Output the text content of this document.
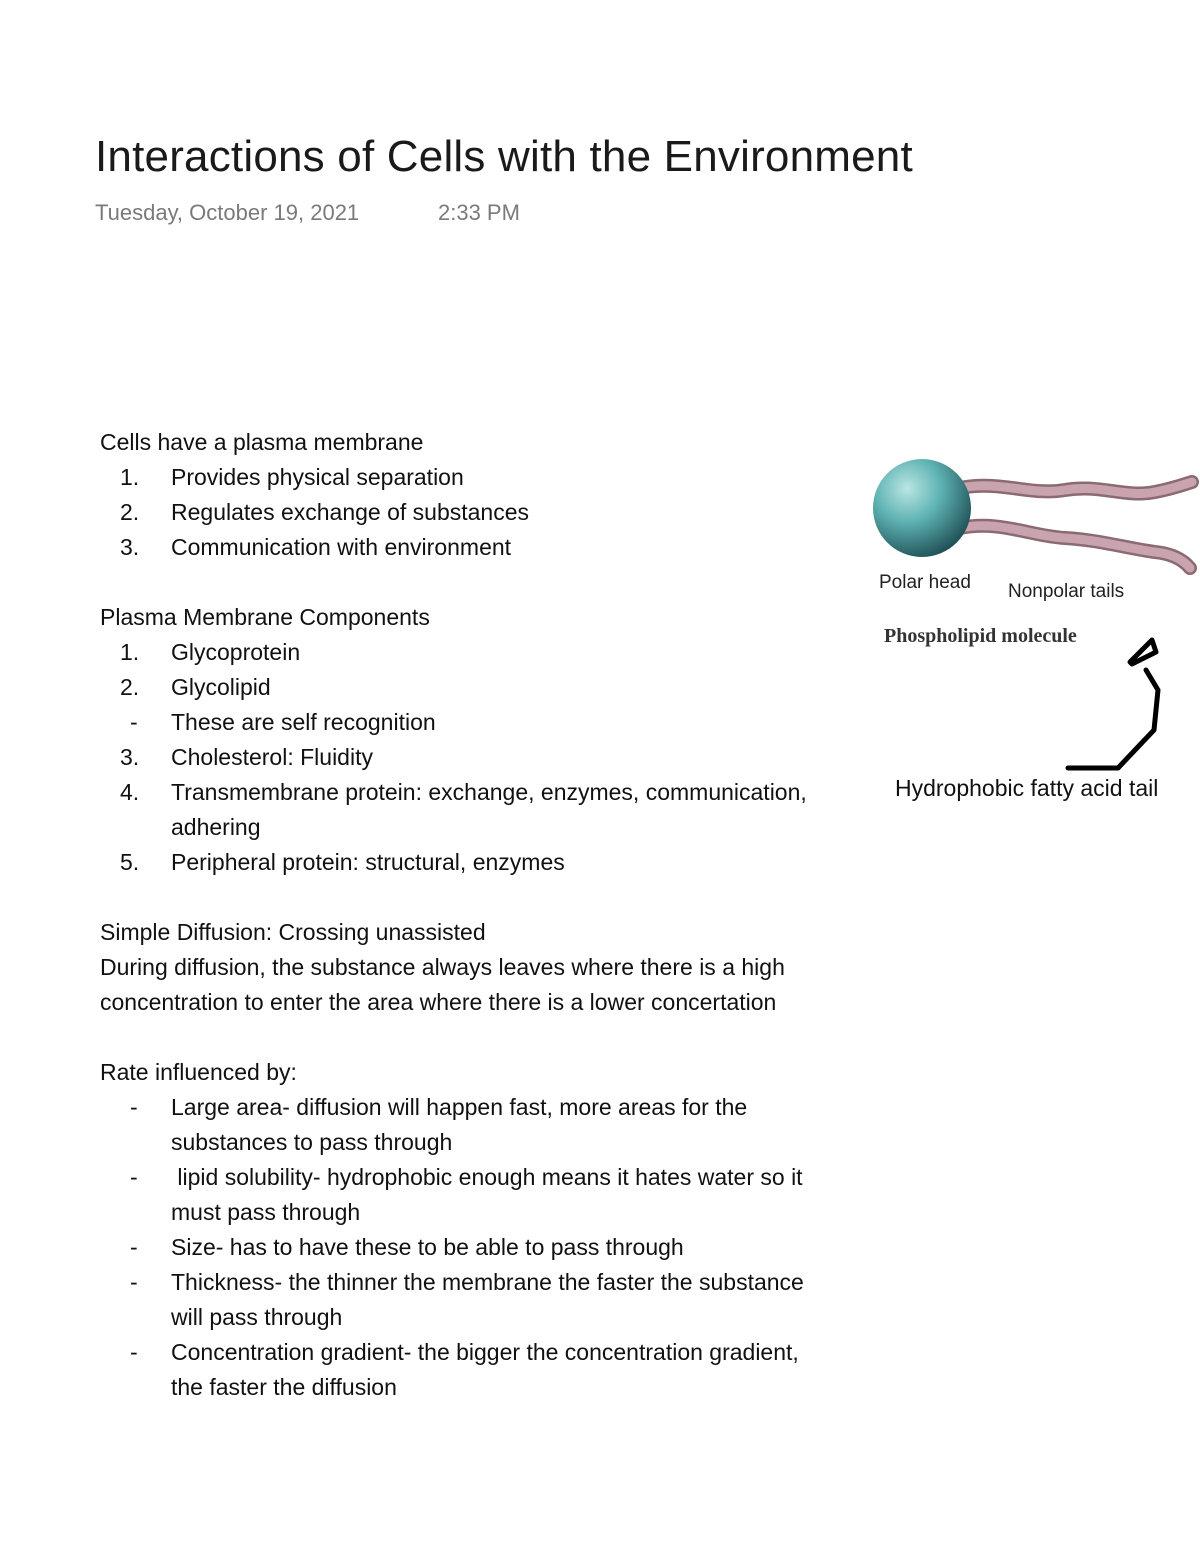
Interactions of Cells with the Environment
Tuesday, October 19, 2021	2:33 PM

Cells have a plasma membrane

1.	Provides physical separation
2.	Regulates exchange of substances
3.	Communication with environment

Plasma Membrane Components

1.	Glycoprotein
2.	Glycolipid
-	These are self recognition
3.	Cholesterol: Fluidity
4.	Transmembrane protein: exchange, enzymes, communication,
adhering
5.	Peripheral protein: structural, enzymes

Simple Diffusion: Crossing unassisted

During diffusion, the substance always leaves where there is a high

concentration to enter the area where there is a lower concertation

Rate influenced by:

-	Large area- diffusion will happen fast, more areas for the
substances to pass through
-	lipid solubility- hydrophobic enough means it hates water so it
must pass through
-	Size- has to have these to be able to pass through
-	Thickness- the thinner the membrane the faster the substance
will pass through
-	Concentration gradient- the bigger the concentration gradient,
the faster the diffusion
Polar head Nonpolar tails
Phospholipid molecule
Hydrophobic fatty acid tail
